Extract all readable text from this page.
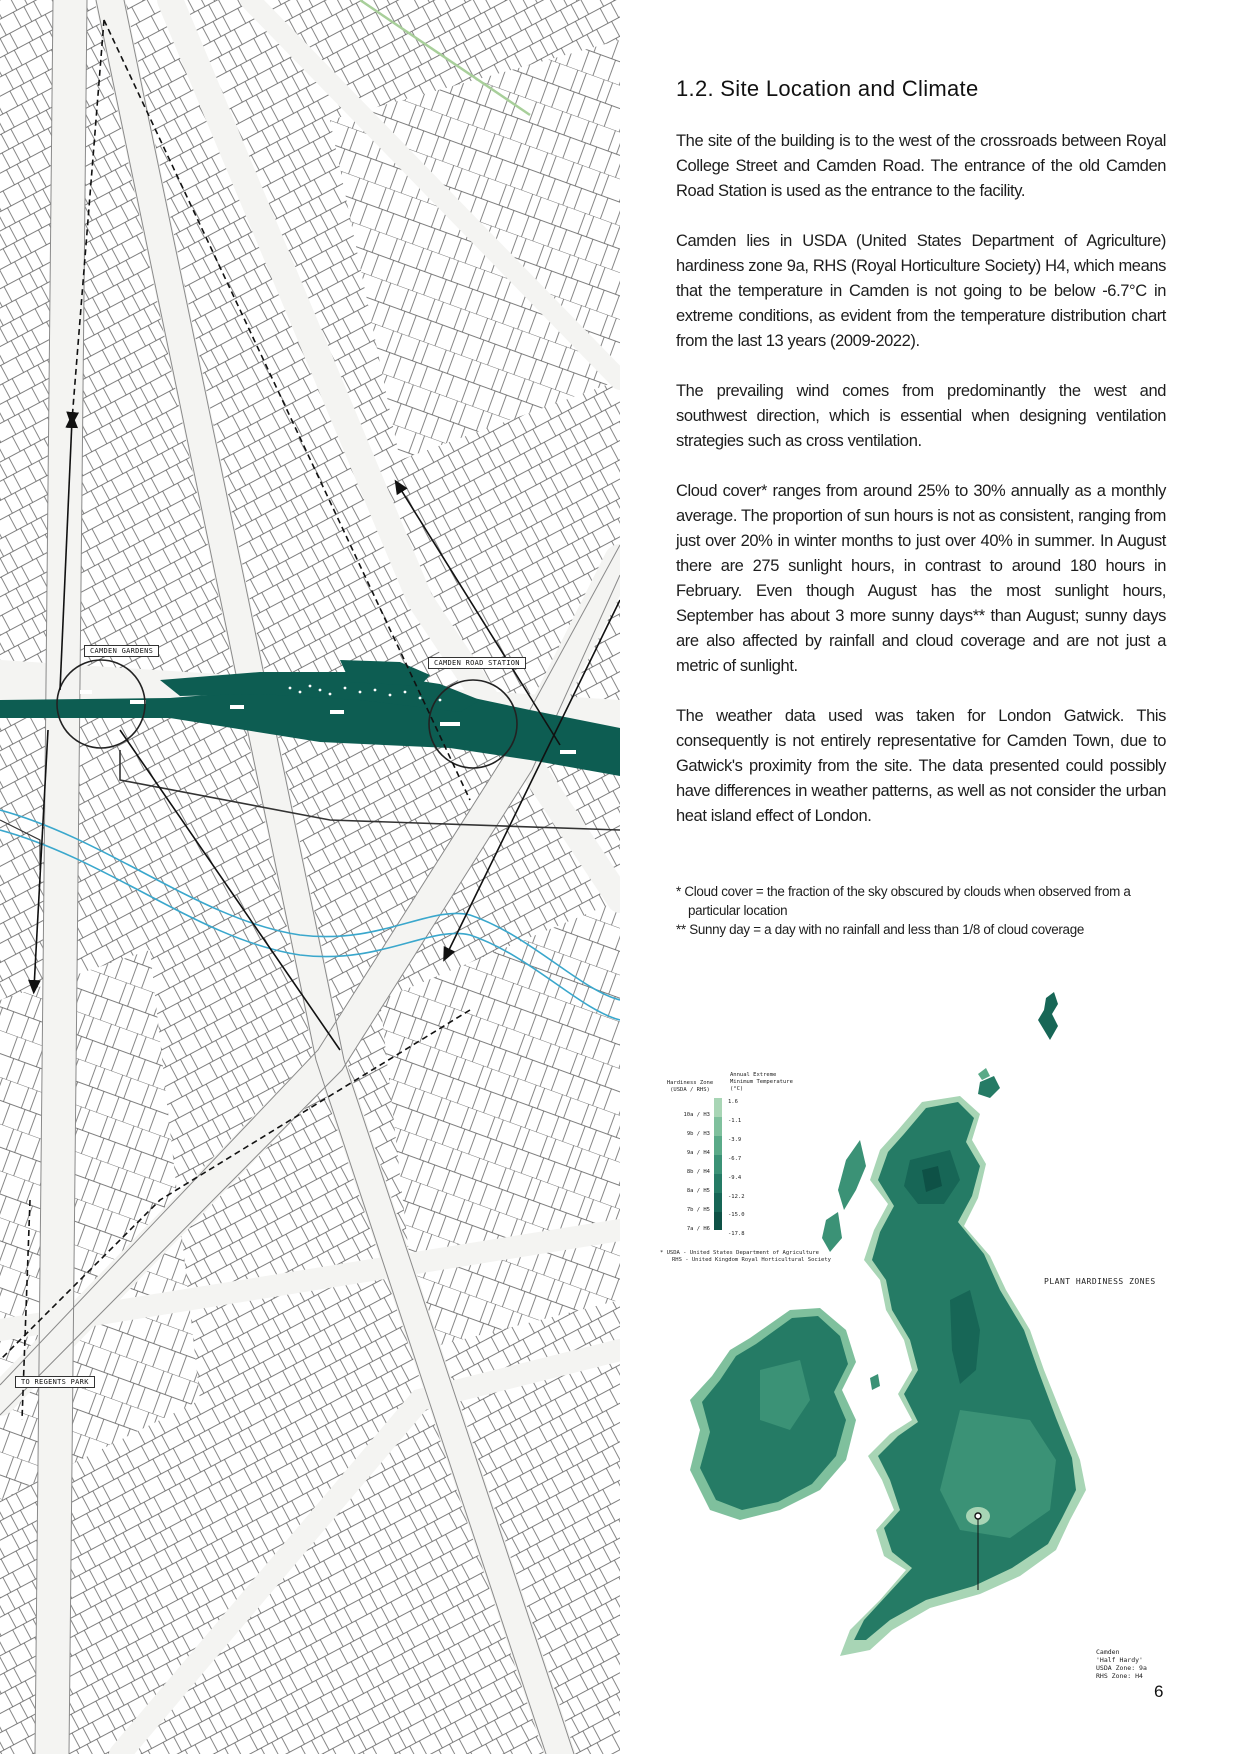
CAMDEN GARDENS
CAMDEN ROAD STATION
TO REGENTS PARK
1.2. Site Location and Climate

The site of the building is to the west of the crossroads between Royal College Street and Camden Road. The entrance of the old Camden Road Station is used as the entrance to the facility.

Camden lies in USDA (United States Department of Agriculture) hardiness zone 9a, RHS (Royal Horticulture Society) H4, which means that the temperature in Camden is not going to be below -6.7°C in extreme conditions, as evident from the temperature distribution chart from the last 13 years (2009-2022).

The prevailing wind comes from predominantly the west and southwest direction, which is essential when designing ventilation strategies such as cross ventilation.

Cloud cover* ranges from around 25% to 30% annually as a monthly average. The proportion of sun hours is not as consistent, ranging from just over 20% in winter months to just over 40% in summer. In August there are 275 sunlight hours, in contrast to around 180 hours in February. Even though August has the most sunlight hours, September has about 3 more sunny days** than August; sunny days are also affected by rainfall and cloud coverage and are not just a metric of sunlight.

The weather data used was taken for London Gatwick. This consequently is not entirely representative for Camden Town, due to Gatwick's proximity from the site. The data presented could possibly have differences in weather patterns, as well as not consider the urban heat island effect of London.

* Cloud cover = the fraction of the sky obscured by clouds when observed from a particular location

** Sunny day = a day with no rainfall and less than 1/8 of cloud coverage

Hardiness Zone (USDA / RHS)
Annual Extreme Minimum Temperature (°C)
10a / H3
9b / H3
9a / H4
8b / H4
8a / H5
7b / H5
7a / H6
1.6
-1.1
-3.9
-6.7
-9.4
-12.2
-15.0
-17.8
* USDA - United States Department of Agriculture
RHS - United Kingdom Royal Horticultural Society
PLANT HARDINESS ZONES
Camden
'Half Hardy'
USDA Zone: 9a
RHS Zone: H4
6
